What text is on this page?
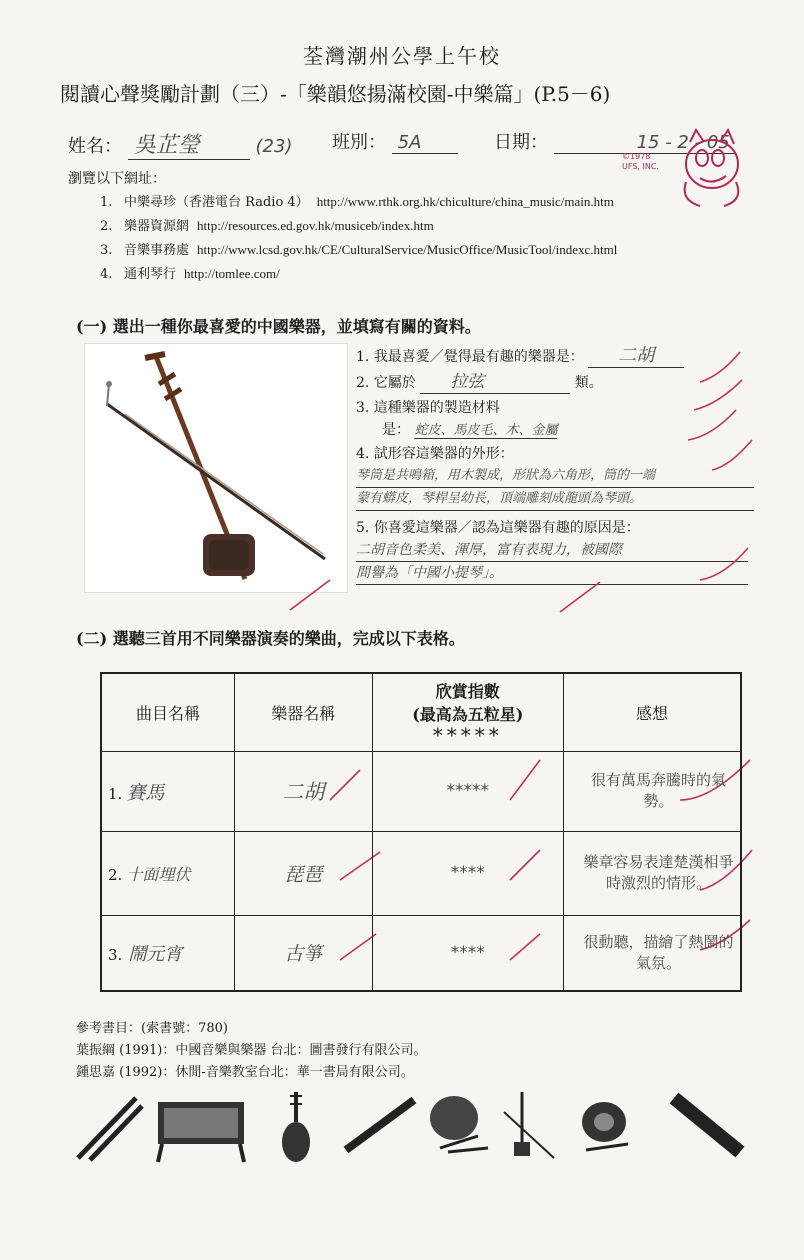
荃灣潮州公學上午校
閱讀心聲獎勵計劃（三）-「樂韻悠揚滿校園-中樂篇」(P.5－6)
姓名： 吳芷瑩	(23) 班別： 5A	日期：	15 - 2 - 05
©1978 UFS, INC.
瀏覽以下網址：
1. 中樂尋珍（香港電台 Radio 4） http://www.rthk.org.hk/chiculture/china_music/main.htm
2. 樂器資源網 http://resources.ed.gov.hk/musiceb/index.htm
3. 音樂事務處 http://www.lcsd.gov.hk/CE/CulturalService/MusicOffice/MusicTool/indexc.html
4. 通利琴行 http://tomlee.com/
(一) 選出一種你最喜愛的中國樂器，並填寫有關的資料。
1. 我最喜愛／覺得最有趣的樂器是： 二胡
2. 它屬於 拉弦	類。
3. 這種樂器的製造材料
是： 蛇皮、馬皮毛、木、金屬
4. 試形容這樂器的外形：
琴筒是共鳴箱，用木製成，形狀為六角形，筒的一端
蒙有蟒皮，琴桿呈幼長，頂端雕刻成龍頭為琴頭。
5. 你喜愛這樂器／認為這樂器有趣的原因是：
二胡音色柔美、渾厚，富有表現力，被國際
間譽為「中國小提琴」。
(二) 選聽三首用不同樂器演奏的樂曲，完成以下表格。
曲目名稱	樂器名稱	欣賞指數
(最高為五粒星)
*****	感想
1. 賽馬	二胡	*****	很有萬馬奔騰時的氣勢。
2. 十面埋伏	琵琶	****	樂章容易表達楚漢相爭時激烈的情形。
3. 鬧元宵	古箏	****	很動聽，描繪了熱鬧的氣氛。
參考書目：(索書號：780)
葉振綱 (1991)：中國音樂與樂器 台北：圖書發行有限公司。
鍾思嘉 (1992)：休閒-音樂教室台北：華一書局有限公司。
